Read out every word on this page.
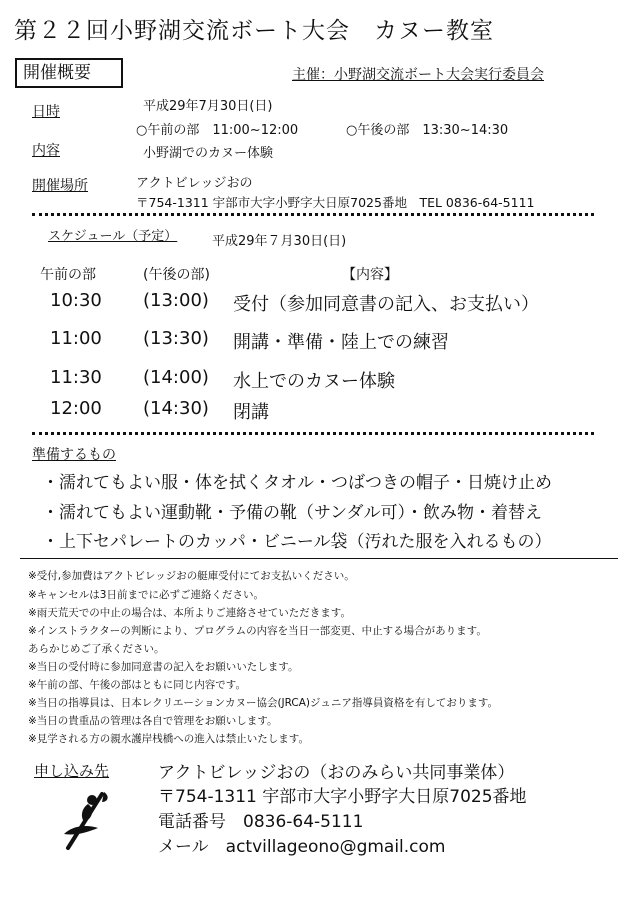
第２２回小野湖交流ボート大会　カヌー教室
開催概要	主催：小野湖交流ボート大会実行委員会
日時	平成29年7月30日(日)
○午前の部　11:00~12:00	○午後の部　13:30~14:30
内容	小野湖でのカヌー体験
開催場所	アクトビレッジおの
〒754-1311 宇部市大字小野字大日原7025番地　TEL 0836-64-5111
スケジュール（予定）	平成29年７月30日(日)
午前の部	(午後の部)	【内容】
10:30 (13:00) 受付（参加同意書の記入、お支払い）
11:00 (13:30) 開講・準備・陸上での練習
11:30 (14:00) 水上でのカヌー体験
12:00 (14:30) 閉講
準備するもの
・濡れてもよい服・体を拭くタオル・つばつきの帽子・日焼け止め
・濡れてもよい運動靴・予備の靴（サンダル可）・飲み物・着替え
・上下セパレートのカッパ・ビニール袋（汚れた服を入れるもの）
※受付,参加費はアクトビレッジおの艇庫受付にてお支払いください。
※キャンセルは3日前までに必ずご連絡ください。
※雨天荒天での中止の場合は、本所よりご連絡させていただきます。
※インストラクターの判断により、プログラムの内容を当日一部変更、中止する場合があります。
あらかじめご了承ください。
※当日の受付時に参加同意書の記入をお願いいたします。
※午前の部、午後の部はともに同じ内容です。
※当日の指導員は、日本レクリエーションカヌー協会(JRCA)ジュニア指導員資格を有しております。
※当日の貴重品の管理は各自で管理をお願いします。
※見学される方の親水護岸桟橋への進入は禁止いたします。
申し込み先	アクトビレッジおの（おのみらい共同事業体）
〒754-1311 宇部市大字小野字大日原7025番地
電話番号　0836-64-5111
メール　actvillageono@gmail.com
